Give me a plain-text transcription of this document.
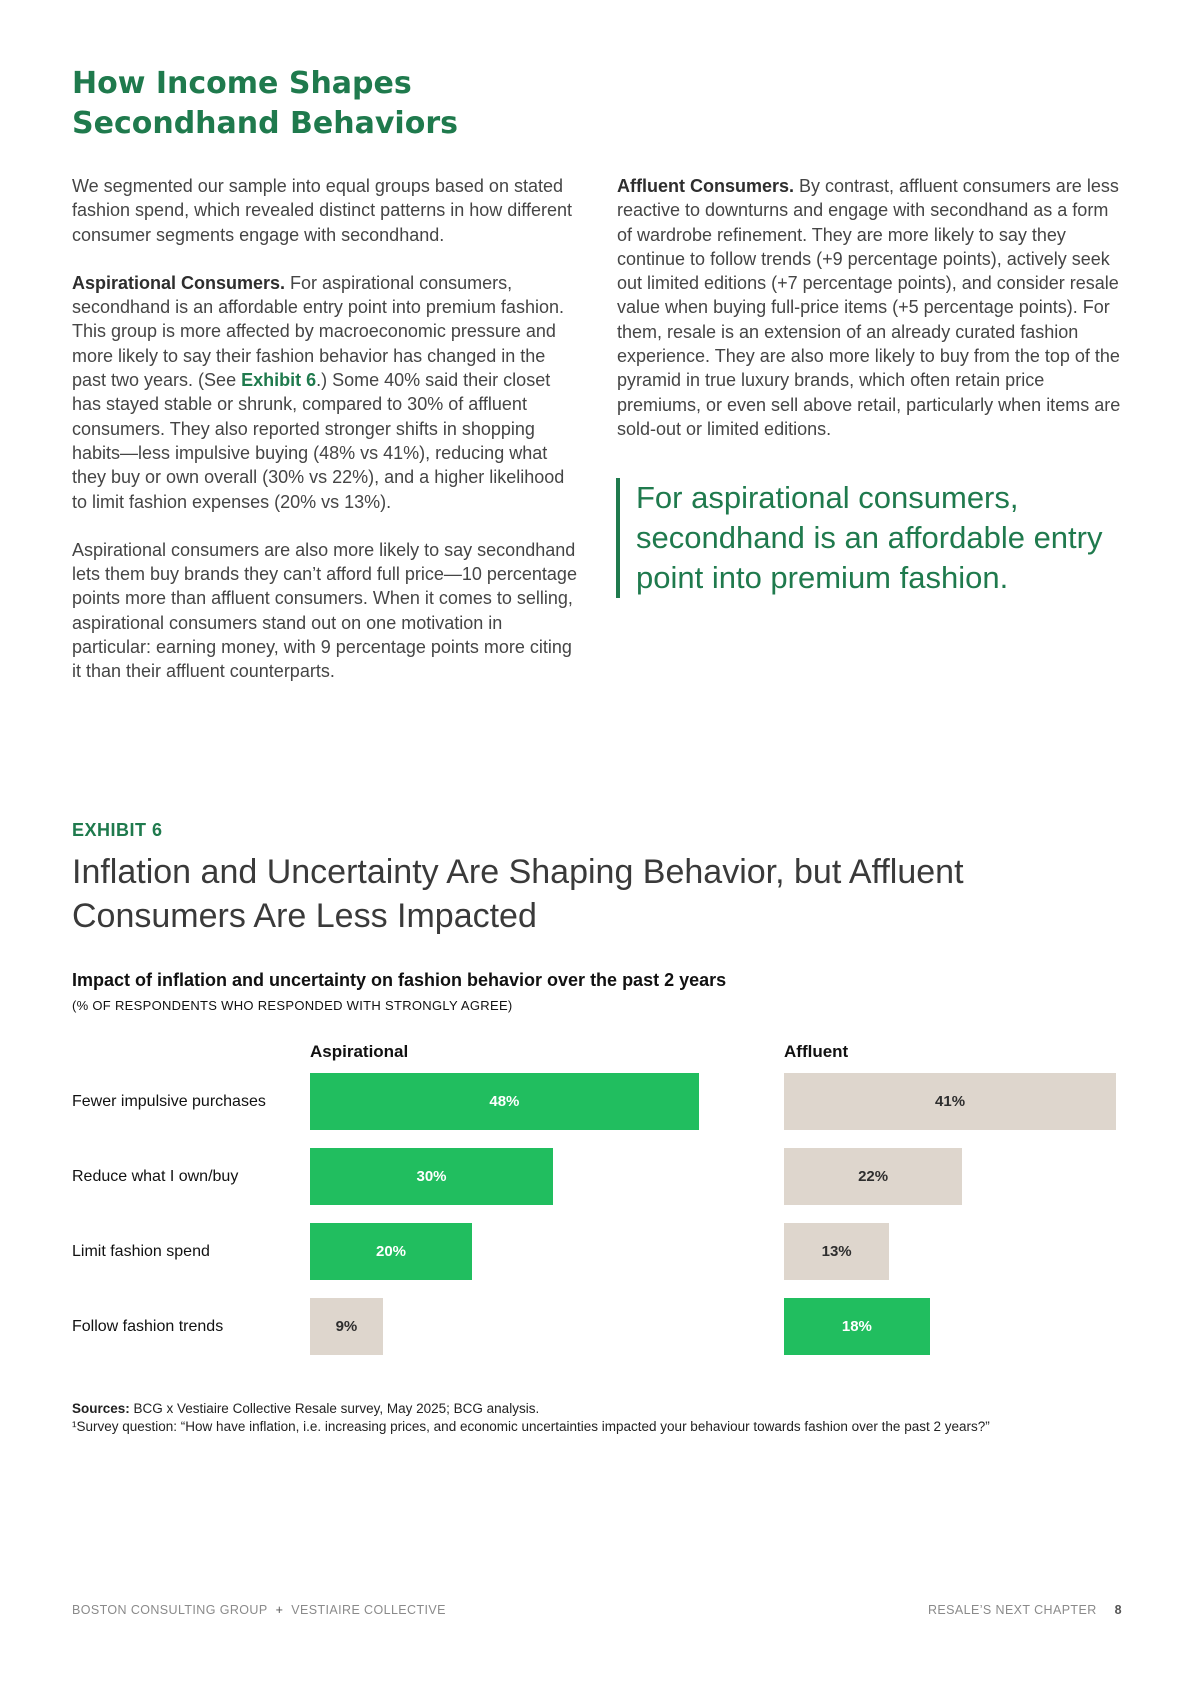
How Income Shapes
Secondhand Behaviors

We segmented our sample into equal groups based on stated fashion spend, which revealed distinct patterns in how different consumer segments engage with secondhand.

Aspirational Consumers. For aspirational consumers, secondhand is an affordable entry point into premium fashion. This group is more affected by macroeconomic pressure and more likely to say their fashion behavior has changed in the past two years. (See Exhibit 6.) Some 40% said their closet has stayed stable or shrunk, compared to 30% of affluent consumers. They also reported stronger shifts in shopping habits—less impulsive buying (48% vs 41%), reducing what they buy or own overall (30% vs 22%), and a higher likelihood to limit fashion expenses (20% vs 13%).

Aspirational consumers are also more likely to say secondhand lets them buy brands they can’t afford full price—10 percentage points more than affluent consumers. When it comes to selling, aspirational consumers stand out on one motivation in particular: earning money, with 9 percentage points more citing it than their affluent counterparts.

Affluent Consumers. By contrast, affluent consumers are less reactive to downturns and engage with secondhand as a form of wardrobe refinement. They are more likely to say they continue to follow trends (+9 percentage points), actively seek out limited editions (+7 percentage points), and consider resale value when buying full-price items (+5 percentage points). For them, resale is an extension of an already curated fashion experience. They are also more likely to buy from the top of the pyramid in true luxury brands, which often retain price premiums, or even sell above retail, particularly when items are sold-out or limited editions.

For aspirational consumers, secondhand is an affordable entry point into premium fashion.
EXHIBIT 6
Inflation and Uncertainty Are Shaping Behavior, but Affluent Consumers Are Less Impacted
Impact of inflation and uncertainty on fashion behavior over the past 2 years
(% OF RESPONDENTS WHO RESPONDED WITH STRONGLY AGREE)
Aspirational	Affluent
Fewer impulsive purchases	48%	41%
Reduce what I own/buy	30%	22%
Limit fashion spend	20%	13%
Follow fashion trends	9%	18%
Sources: BCG x Vestiaire Collective Resale survey, May 2025; BCG analysis.
¹Survey question: “How have inflation, i.e. increasing prices, and economic uncertainties impacted your behaviour towards fashion over the past 2 years?”
BOSTON CONSULTING GROUP + VESTIAIRE COLLECTIVE	RESALE’S NEXT CHAPTER 8
